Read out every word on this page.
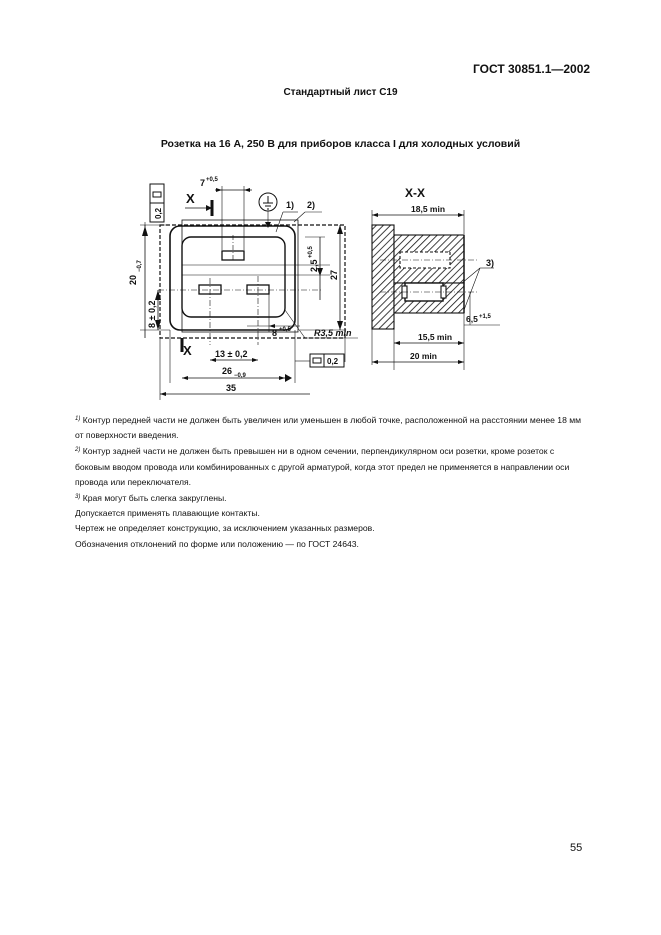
ГОСТ 30851.1—2002
Стандартный лист С19
Розетка на 16 А, 250 В для приборов класса I для холодных условий
X
X
7 +0,5
20
−0,7
8 ± 0,2
2,5
+0,5
27
8 +0,5	R3,5 min
13 ± 0,2
26 −0,9
35
0,2
0,2
1) 2)
X-X
18,5 min
15,5 min
20 min
6,5 +1,5
3)

$^{1)}$ Контур передней части не должен быть увеличен или уменьшен в любой точке, расположенной на расстоянии менее 18 мм от поверхности введения.

$^{2)}$ Контур задней части не должен быть превышен ни в одном сечении, перпендикулярном оси розетки, кроме розеток с боковым вводом провода или комбинированных с другой арматурой, когда этот предел не применяется в направлении оси провода или переключателя.

$^{3)}$ Края могут быть слегка закруглены.

Допускается применять плавающие контакты.

Чертеж не определяет конструкцию, за исключением указанных размеров.

Обозначения отклонений по форме или положению — по ГОСТ 24643.

55
